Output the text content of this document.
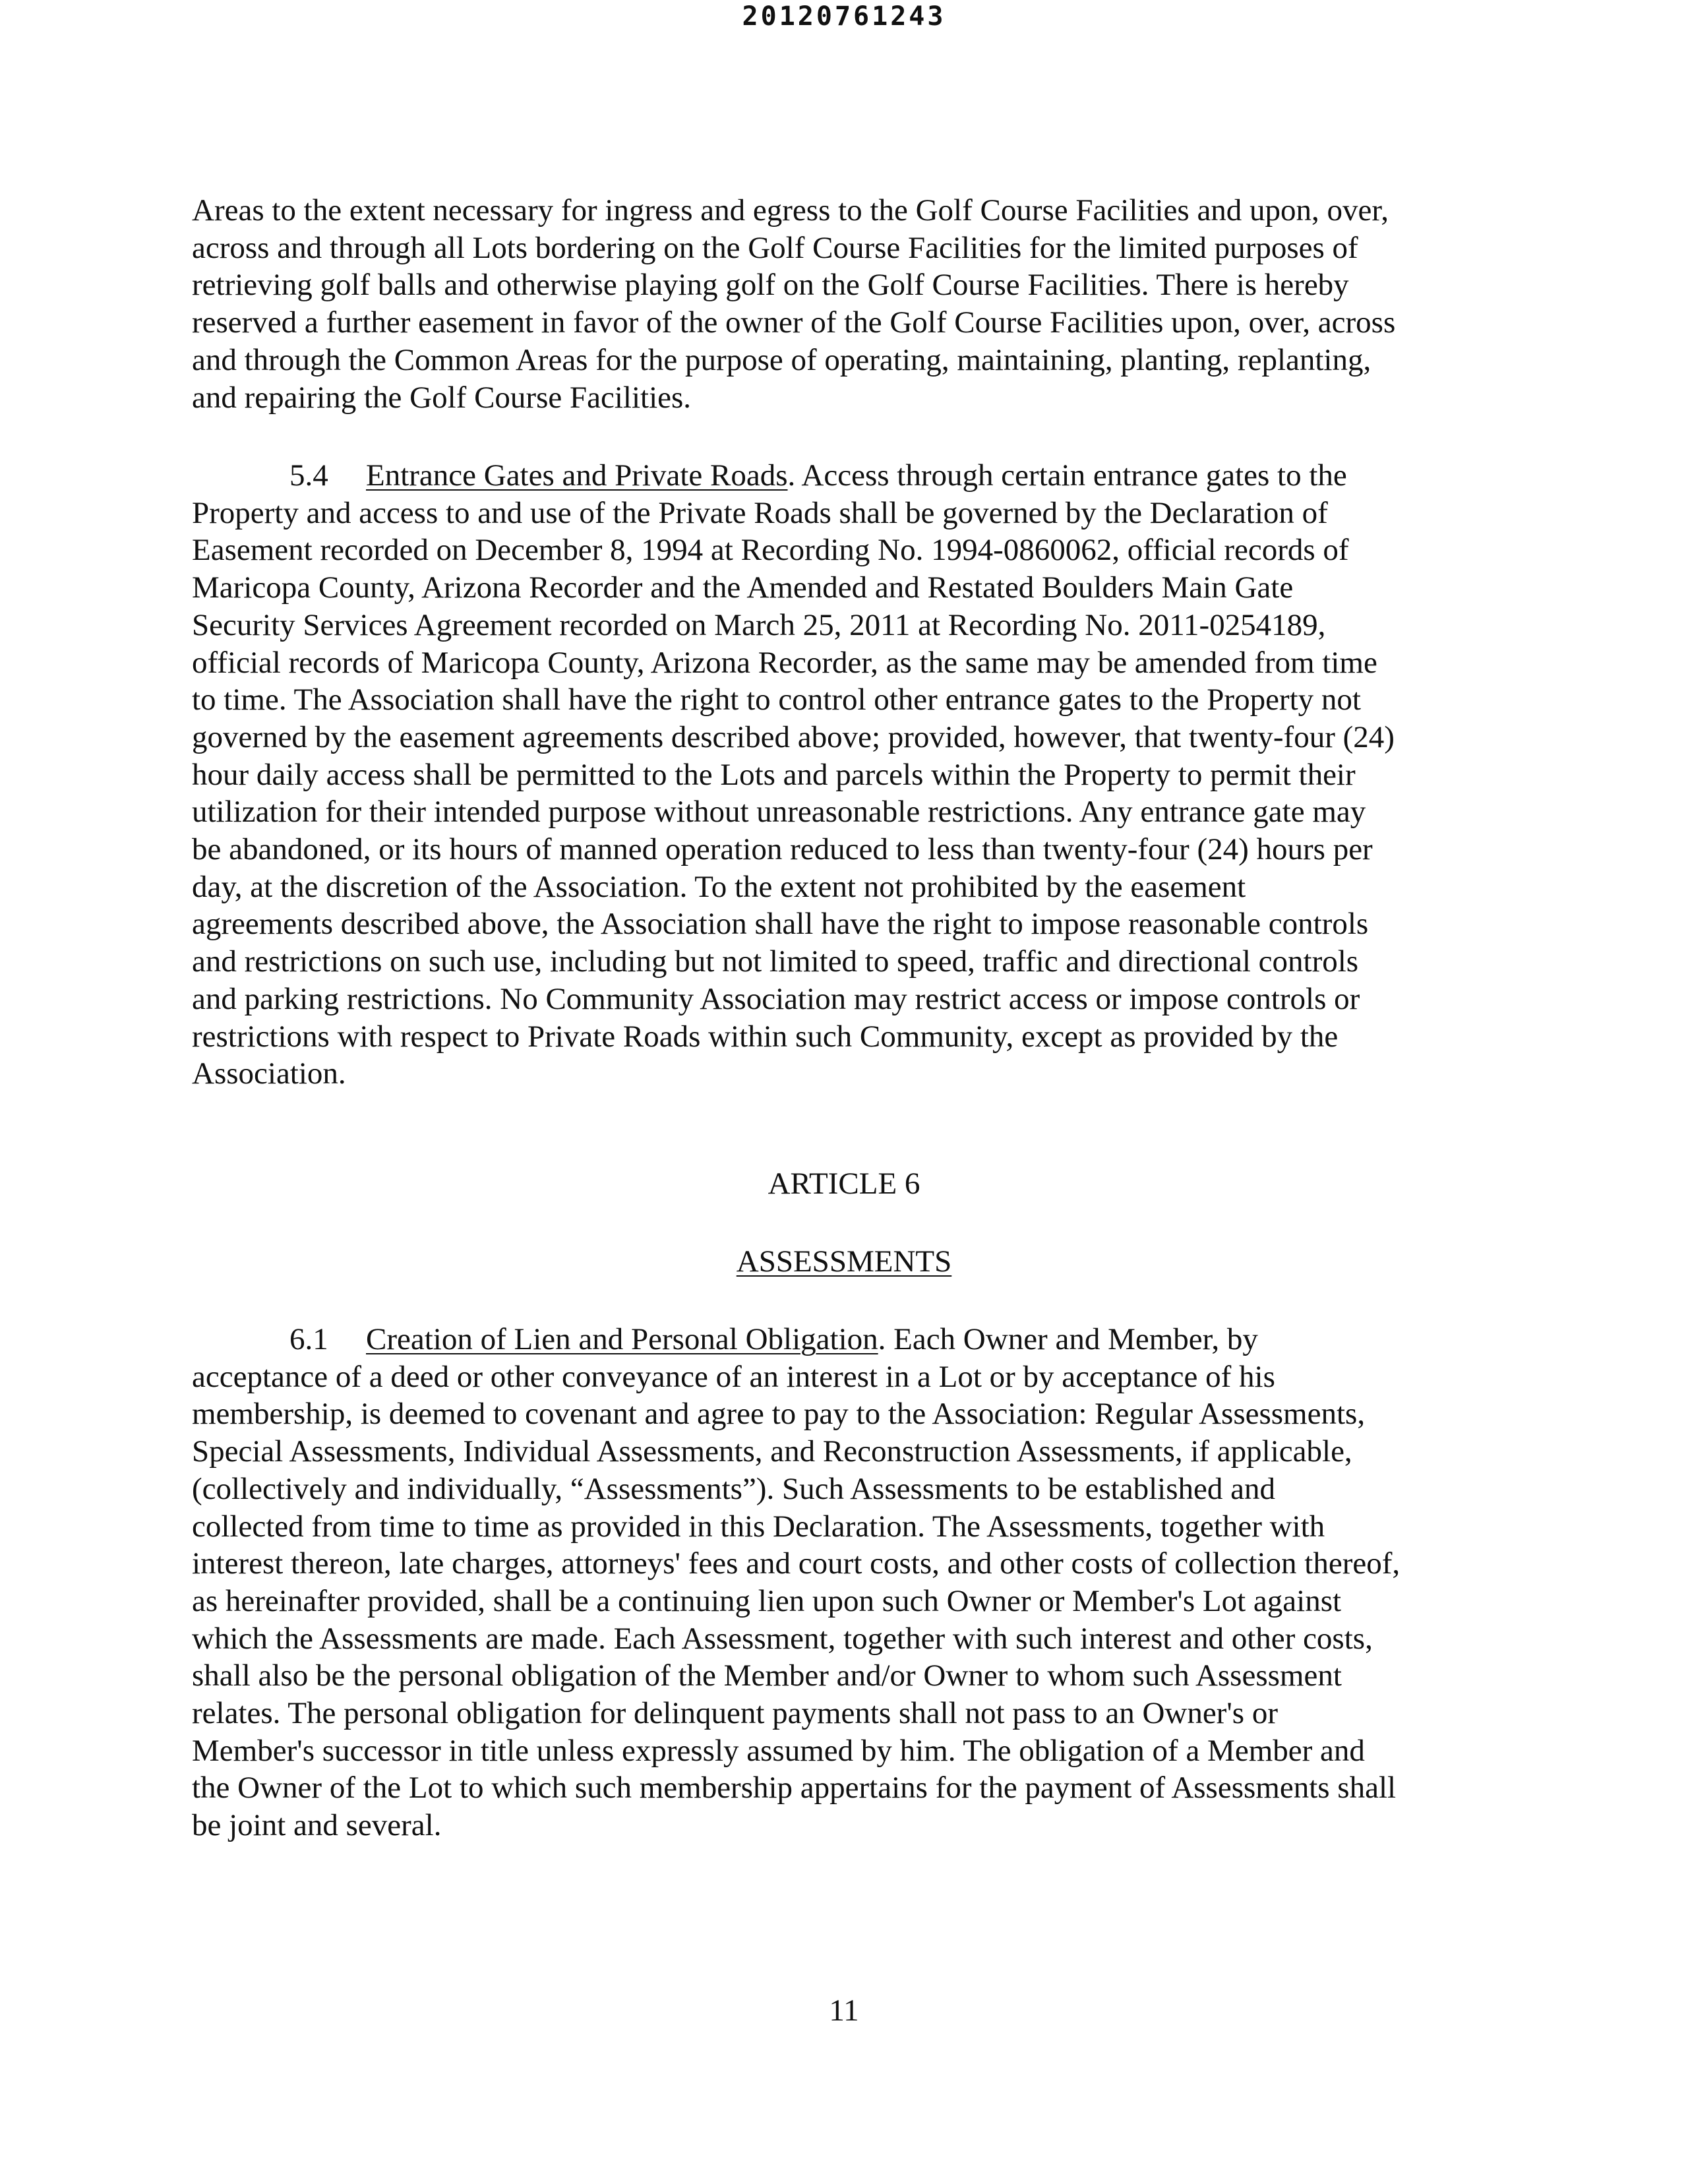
20120761243
Areas to the extent necessary for ingress and egress to the Golf Course Facilities and upon, over,
across and through all Lots bordering on the Golf Course Facilities for the limited purposes of
retrieving golf balls and otherwise playing golf on the Golf Course Facilities. There is hereby
reserved a further easement in favor of the owner of the Golf Course Facilities upon, over, across
and through the Common Areas for the purpose of operating, maintaining, planting, replanting,
and repairing the Golf Course Facilities.
5.4 Entrance Gates and Private Roads. Access through certain entrance gates to the
Property and access to and use of the Private Roads shall be governed by the Declaration of
Easement recorded on December 8, 1994 at Recording No. 1994-0860062, official records of
Maricopa County, Arizona Recorder and the Amended and Restated Boulders Main Gate
Security Services Agreement recorded on March 25, 2011 at Recording No. 2011-0254189,
official records of Maricopa County, Arizona Recorder, as the same may be amended from time
to time. The Association shall have the right to control other entrance gates to the Property not
governed by the easement agreements described above; provided, however, that twenty-four (24)
hour daily access shall be permitted to the Lots and parcels within the Property to permit their
utilization for their intended purpose without unreasonable restrictions. Any entrance gate may
be abandoned, or its hours of manned operation reduced to less than twenty-four (24) hours per
day, at the discretion of the Association. To the extent not prohibited by the easement
agreements described above, the Association shall have the right to impose reasonable controls
and restrictions on such use, including but not limited to speed, traffic and directional controls
and parking restrictions. No Community Association may restrict access or impose controls or
restrictions with respect to Private Roads within such Community, except as provided by the
Association.
ARTICLE 6
ASSESSMENTS
6.1 Creation of Lien and Personal Obligation. Each Owner and Member, by
acceptance of a deed or other conveyance of an interest in a Lot or by acceptance of his
membership, is deemed to covenant and agree to pay to the Association: Regular Assessments,
Special Assessments, Individual Assessments, and Reconstruction Assessments, if applicable,
(collectively and individually, “Assessments”). Such Assessments to be established and
collected from time to time as provided in this Declaration. The Assessments, together with
interest thereon, late charges, attorneys' fees and court costs, and other costs of collection thereof,
as hereinafter provided, shall be a continuing lien upon such Owner or Member's Lot against
which the Assessments are made. Each Assessment, together with such interest and other costs,
shall also be the personal obligation of the Member and/or Owner to whom such Assessment
relates. The personal obligation for delinquent payments shall not pass to an Owner's or
Member's successor in title unless expressly assumed by him. The obligation of a Member and
the Owner of the Lot to which such membership appertains for the payment of Assessments shall
be joint and several.
11
